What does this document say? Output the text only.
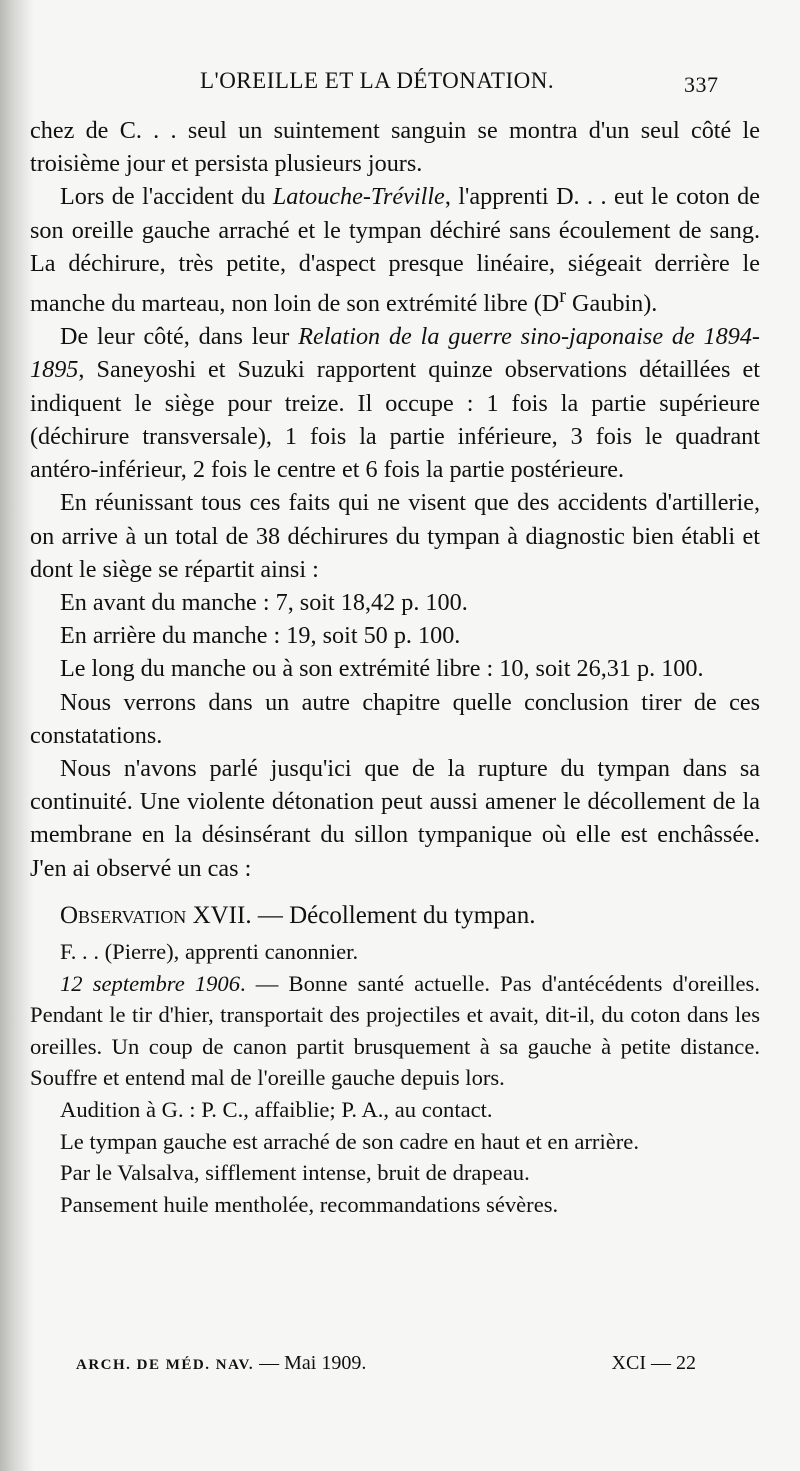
L'OREILLE ET LA DÉTONATION.	337

chez de C. . . seul un suintement sanguin se montra d'un seul côté le troisième jour et persista plusieurs jours.

Lors de l'accident du Latouche-Tréville, l'apprenti D. . . eut le coton de son oreille gauche arraché et le tympan déchiré sans écoulement de sang. La déchirure, très petite, d'aspect presque linéaire, siégeait derrière le manche du marteau, non loin de son extrémité libre ($D^r$ Gaubin).

De leur côté, dans leur Relation de la guerre sino-japonaise de 1894-1895, Saneyoshi et Suzuki rapportent quinze observations détaillées et indiquent le siège pour treize. Il occupe : 1 fois la partie supérieure (déchirure transversale), 1 fois la partie inférieure, 3 fois le quadrant antéro-inférieur, 2 fois le centre et 6 fois la partie postérieure.

En réunissant tous ces faits qui ne visent que des accidents d'artillerie, on arrive à un total de 38 déchirures du tympan à diagnostic bien établi et dont le siège se répartit ainsi :

En avant du manche : 7, soit 18,42 p. 100.

En arrière du manche : 19, soit 50 p. 100.

Le long du manche ou à son extrémité libre : 10, soit 26,31 p. 100.

Nous verrons dans un autre chapitre quelle conclusion tirer de ces constatations.

Nous n'avons parlé jusqu'ici que de la rupture du tympan dans sa continuité. Une violente détonation peut aussi amener le décollement de la membrane en la désinsérant du sillon tympanique où elle est enchâssée. J'en ai observé un cas :

Observation XVII. — Décollement du tympan.

F. . . (Pierre), apprenti canonnier.

12 septembre 1906. — Bonne santé actuelle. Pas d'antécédents d'oreilles. Pendant le tir d'hier, transportait des projectiles et avait, dit-il, du coton dans les oreilles. Un coup de canon partit brusquement à sa gauche à petite distance. Souffre et entend mal de l'oreille gauche depuis lors.

Audition à G. : P. C., affaiblie; P. A., au contact.

Le tympan gauche est arraché de son cadre en haut et en arrière.

Par le Valsalva, sifflement intense, bruit de drapeau.

Pansement huile mentholée, recommandations sévères.

ARCH. DE MÉD. NAV. — Mai 1909.	XCI — 22
